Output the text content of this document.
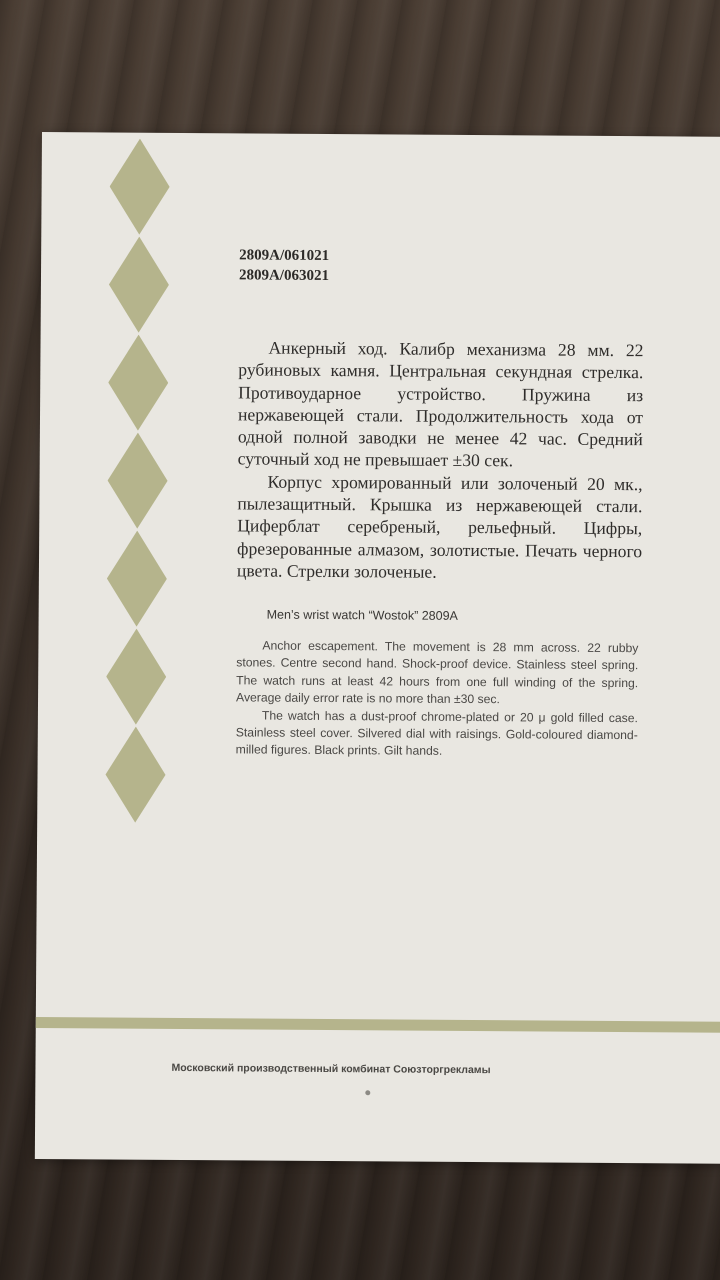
2809A/061021
2809A/063021

Анкерный ход. Калибр механизма 28 мм. 22 рубиновых камня. Центральная секундная стрелка. Противоударное устройство. Пружина из нержавеющей стали. Продолжительность хода от одной полной заводки не менее 42 час. Средний суточный ход не превышает ±30 сек.

Корпус хромированный или золоченый 20 мк., пылезащитный. Крышка из нержавеющей стали. Циферблат серебреный, рельефный. Цифры, фрезерованные алмазом, золотистые. Печать черного цвета. Стрелки золоченые.

Men’s wrist watch “Wostok” 2809A

Anchor escapement. The movement is 28 mm across. 22 rubby stones. Centre second hand. Shock-proof device. Stainless steel spring. The watch runs at least 42 hours from one full winding of the spring. Average daily error rate is no more than ±30 sec.

The watch has a dust-proof chrome-plated or 20 μ gold filled case. Stainless steel cover. Silvered dial with raisings. Gold-coloured diamond-milled figures. Black prints. Gilt hands.

Московский производственный комбинат Союзторгрекламы
